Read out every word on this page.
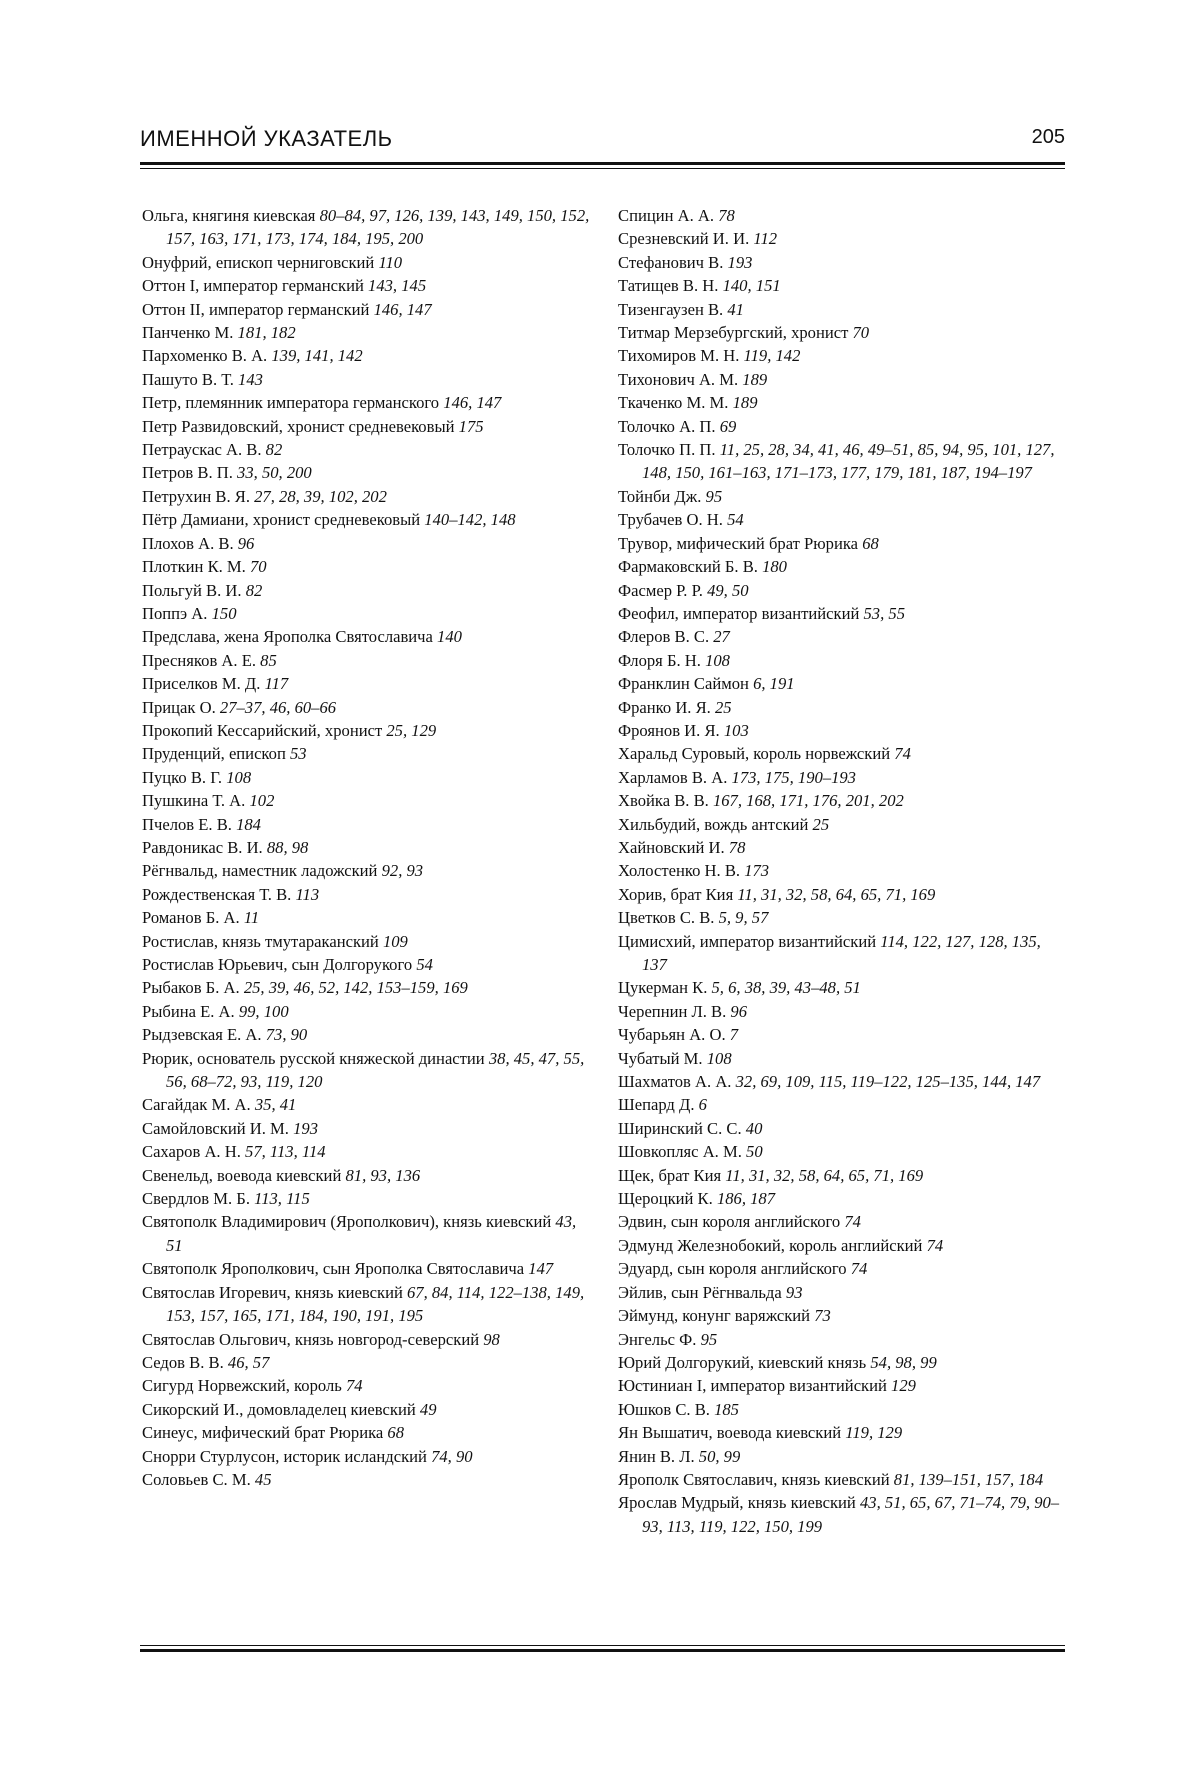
ИМЕННОЙ УКАЗАТЕЛЬ	205
Ольга, княгиня киевская 80–84, 97, 126, 139, 143, 149, 150, 152, 157, 163, 171, 173, 174, 184, 195, 200
Онуфрий, епископ черниговский 110
Оттон I, император германский 143, 145
Оттон II, император германский 146, 147
Панченко М. 181, 182
Пархоменко В. А. 139, 141, 142
Пашуто В. Т. 143
Петр, племянник императора германского 146, 147
Петр Развидовский, хронист средневековый 175
Петраускас А. В. 82
Петров В. П. 33, 50, 200
Петрухин В. Я. 27, 28, 39, 102, 202
Пётр Дамиани, хронист средневековый 140–142, 148
Плохов А. В. 96
Плоткин К. М. 70
Польгуй В. И. 82
Поппэ А. 150
Предслава, жена Ярополка Святославича 140
Пресняков А. Е. 85
Приселков М. Д. 117
Прицак О. 27–37, 46, 60–66
Прокопий Кессарийский, хронист 25, 129
Пруденций, епископ 53
Пуцко В. Г. 108
Пушкина Т. А. 102
Пчелов Е. В. 184
Равдоникас В. И. 88, 98
Рёгнвальд, наместник ладожский 92, 93
Рождественская Т. В. 113
Романов Б. А. 11
Ростислав, князь тмутараканский 109
Ростислав Юрьевич, сын Долгорукого 54
Рыбаков Б. А. 25, 39, 46, 52, 142, 153–159, 169
Рыбина Е. А. 99, 100
Рыдзевская Е. А. 73, 90
Рюрик, основатель русской княжеской династии 38, 45, 47, 55, 56, 68–72, 93, 119, 120
Сагайдак М. А. 35, 41
Самойловский И. М. 193
Сахаров А. Н. 57, 113, 114
Свенельд, воевода киевский 81, 93, 136
Свердлов М. Б. 113, 115
Святополк Владимирович (Ярополкович), князь киевский 43, 51
Святополк Ярополкович, сын Ярополка Святославича 147
Святослав Игоревич, князь киевский 67, 84, 114, 122–138, 149, 153, 157, 165, 171, 184, 190, 191, 195
Святослав Ольгович, князь новгород-северский 98
Седов В. В. 46, 57
Сигурд Норвежский, король 74
Сикорский И., домовладелец киевский 49
Синеус, мифический брат Рюрика 68
Снорри Стурлусон, историк исландский 74, 90
Соловьев С. М. 45
Спицин А. А. 78
Срезневский И. И. 112
Стефанович В. 193
Татищев В. Н. 140, 151
Тизенгаузен В. 41
Титмар Мерзебургский, хронист 70
Тихомиров М. Н. 119, 142
Тихонович А. М. 189
Ткаченко М. М. 189
Толочко А. П. 69
Толочко П. П. 11, 25, 28, 34, 41, 46, 49–51, 85, 94, 95, 101, 127, 148, 150, 161–163, 171–173, 177, 179, 181, 187, 194–197
Тойнби Дж. 95
Трубачев О. Н. 54
Трувор, мифический брат Рюрика 68
Фармаковский Б. В. 180
Фасмер Р. Р. 49, 50
Феофил, император византийский 53, 55
Флеров В. С. 27
Флоря Б. Н. 108
Франклин Саймон 6, 191
Франко И. Я. 25
Фроянов И. Я. 103
Харальд Суровый, король норвежский 74
Харламов В. А. 173, 175, 190–193
Хвойка В. В. 167, 168, 171, 176, 201, 202
Хильбудий, вождь антский 25
Хайновский И. 78
Холостенко Н. В. 173
Хорив, брат Кия 11, 31, 32, 58, 64, 65, 71, 169
Цветков С. В. 5, 9, 57
Цимисхий, император византийский 114, 122, 127, 128, 135, 137
Цукерман К. 5, 6, 38, 39, 43–48, 51
Черепнин Л. В. 96
Чубарьян А. О. 7
Чубатый М. 108
Шахматов А. А. 32, 69, 109, 115, 119–122, 125–135, 144, 147
Шепард Д. 6
Ширинский С. С. 40
Шовкопляс А. М. 50
Щек, брат Кия 11, 31, 32, 58, 64, 65, 71, 169
Щероцкий К. 186, 187
Эдвин, сын короля английского 74
Эдмунд Железнобокий, король английский 74
Эдуард, сын короля английского 74
Эйлив, сын Рёгнвальда 93
Эймунд, конунг варяжский 73
Энгельс Ф. 95
Юрий Долгорукий, киевский князь 54, 98, 99
Юстиниан I, император византийский 129
Юшков С. В. 185
Ян Вышатич, воевода киевский 119, 129
Янин В. Л. 50, 99
Ярополк Святославич, князь киевский 81, 139–151, 157, 184
Ярослав Мудрый, князь киевский 43, 51, 65, 67, 71–74, 79, 90–93, 113, 119, 122, 150, 199
